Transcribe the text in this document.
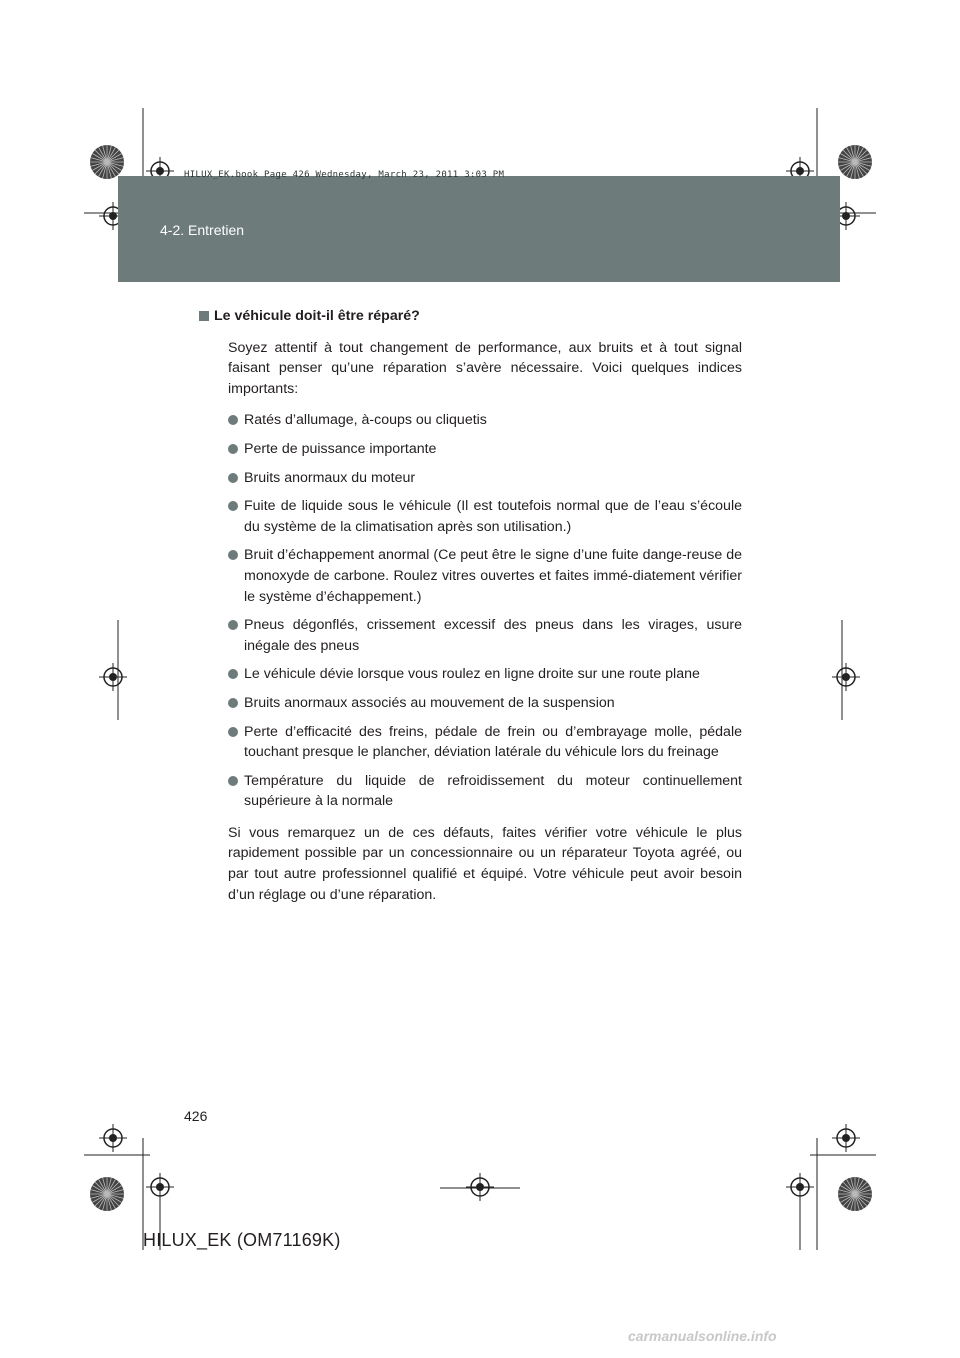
4-2. Entretien
HILUX_EK.book Page 426 Wednesday, March 23, 2011 3:03 PM
Le véhicule doit-il être réparé?

Soyez attentif à tout changement de performance, aux bruits et à tout signal faisant penser qu’une réparation s’avère nécessaire. Voici quelques indices importants:

Ratés d’allumage, à-coups ou cliquetis
Perte de puissance importante
Bruits anormaux du moteur
Fuite de liquide sous le véhicule (Il est toutefois normal que de l’eau s’écoule du système de la climatisation après son utilisation.)
Bruit d’échappement anormal (Ce peut être le signe d’une fuite dange-reuse de monoxyde de carbone. Roulez vitres ouvertes et faites immé-diatement vérifier le système d’échappement.)
Pneus dégonflés, crissement excessif des pneus dans les virages, usure inégale des pneus
Le véhicule dévie lorsque vous roulez en ligne droite sur une route plane
Bruits anormaux associés au mouvement de la suspension
Perte d’efficacité des freins, pédale de frein ou d’embrayage molle, pédale touchant presque le plancher, déviation latérale du véhicule lors du freinage
Température du liquide de refroidissement du moteur continuellement supérieure à la normale

Si vous remarquez un de ces défauts, faites vérifier votre véhicule le plus rapidement possible par un concessionnaire ou un réparateur Toyota agréé, ou par tout autre professionnel qualifié et équipé. Votre véhicule peut avoir besoin d’un réglage ou d’une réparation.

426
HILUX_EK (OM71169K)
carmanualsonline.info
